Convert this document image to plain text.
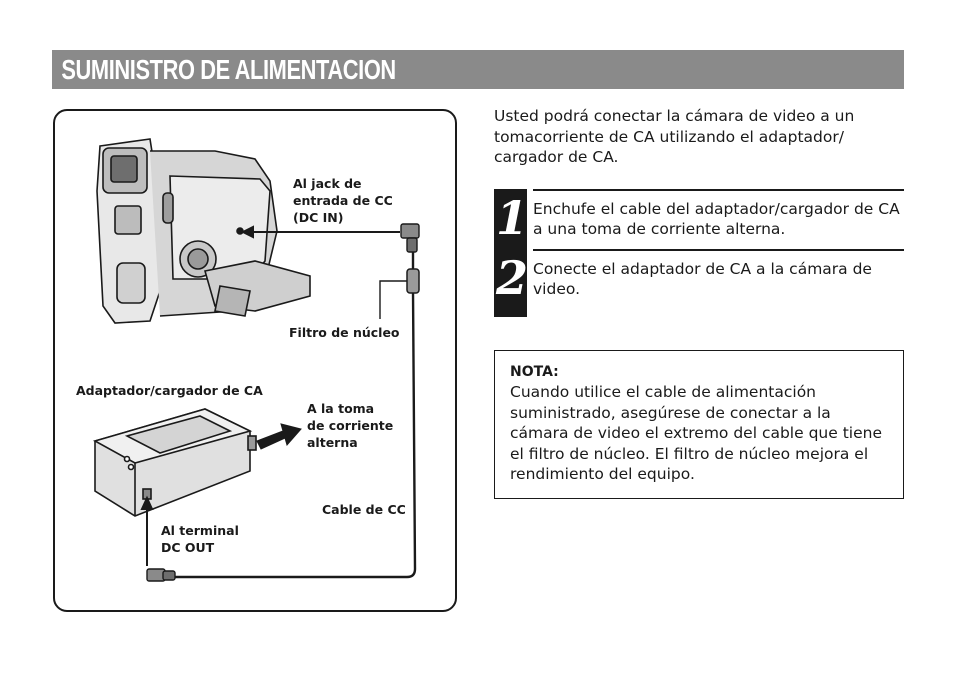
SUMINISTRO DE ALIMENTACION
Al jack de
entrada de CC
(DC IN)
Filtro de núcleo
Adaptador/cargador de CA
A la toma
de corriente
alterna
Cable de CC
Al terminal
DC OUT
Usted podrá conectar la cámara de video a un tomacorriente de CA utilizando el adaptador/ cargador de CA.
1
2
Enchufe el cable del adaptador/cargador de CA a una toma de corriente alterna.
Conecte el adaptador de CA a la cámara de video.
NOTA:
Cuando utilice el cable de alimentación suministrado, asegúrese de conectar a la cámara de video el extremo del cable que tiene el filtro de núcleo. El filtro de núcleo mejora el rendimiento del equipo.
